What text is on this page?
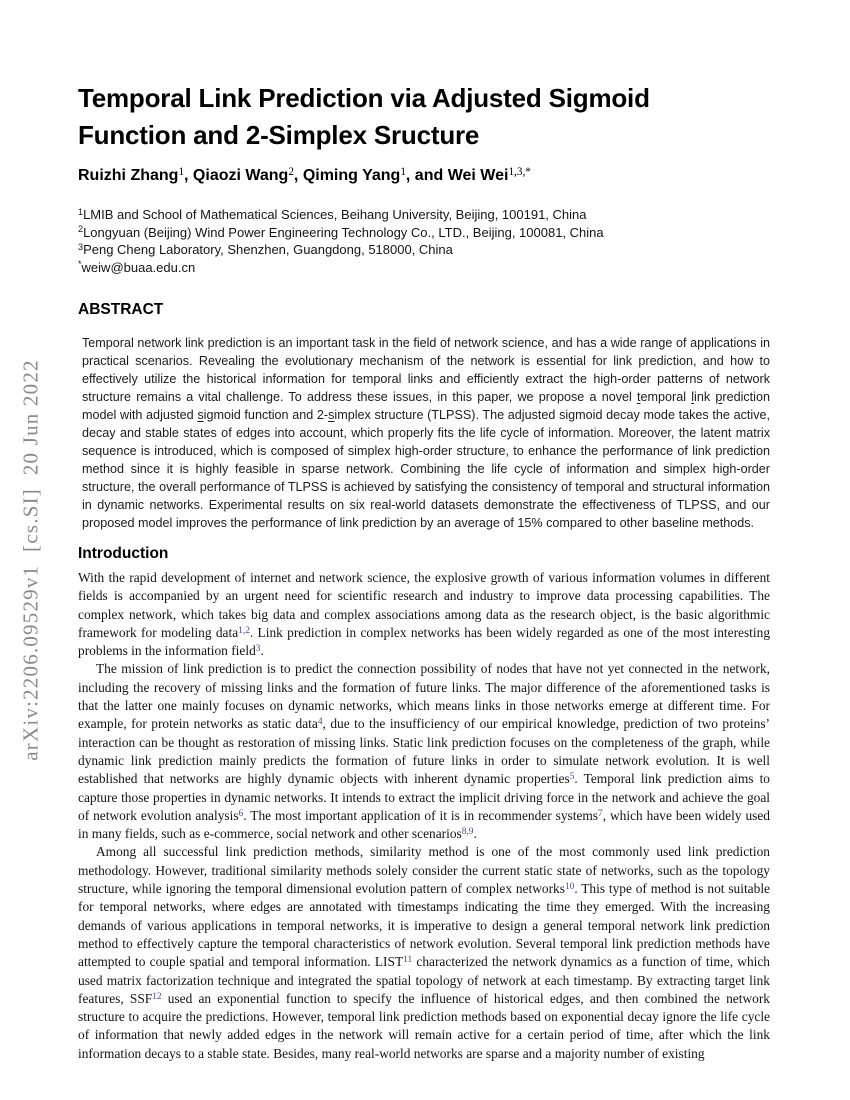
arXiv:2206.09529v1  [cs.SI]  20 Jun 2022
Temporal Link Prediction via Adjusted Sigmoid
Function and 2-Simplex Sructure
Ruizhi Zhang$^1$, Qiaozi Wang$^2$, Qiming Yang$^1$, and Wei Wei$^{1,3,*}$
$^1$LMIB and School of Mathematical Sciences, Beihang University, Beijing, 100191, China
$^2$Longyuan (Beijing) Wind Power Engineering Technology Co., LTD., Beijing, 100081, China
$^3$Peng Cheng Laboratory, Shenzhen, Guangdong, 518000, China
*weiw@buaa.edu.cn
ABSTRACT
Temporal network link prediction is an important task in the field of network science, and has a wide range of applications in practical scenarios. Revealing the evolutionary mechanism of the network is essential for link prediction, and how to effectively utilize the historical information for temporal links and efficiently extract the high-order patterns of network structure remains a vital challenge. To address these issues, in this paper, we propose a novel temporal link prediction model with adjusted sigmoid function and 2-simplex structure (TLPSS). The adjusted sigmoid decay mode takes the active, decay and stable states of edges into account, which properly fits the life cycle of information. Moreover, the latent matrix sequence is introduced, which is composed of simplex high-order structure, to enhance the performance of link prediction method since it is highly feasible in sparse network. Combining the life cycle of information and simplex high-order structure, the overall performance of TLPSS is achieved by satisfying the consistency of temporal and structural information in dynamic networks. Experimental results on six real-world datasets demonstrate the effectiveness of TLPSS, and our proposed model improves the performance of link prediction by an average of 15% compared to other baseline methods.
Introduction

With the rapid development of internet and network science, the explosive growth of various information volumes in different fields is accompanied by an urgent need for scientific research and industry to improve data processing capabilities. The complex network, which takes big data and complex associations among data as the research object, is the basic algorithmic framework for modeling data$^{1,2}$. Link prediction in complex networks has been widely regarded as one of the most interesting problems in the information field$^3$.

The mission of link prediction is to predict the connection possibility of nodes that have not yet connected in the network, including the recovery of missing links and the formation of future links. The major difference of the aforementioned tasks is that the latter one mainly focuses on dynamic networks, which means links in those networks emerge at different time. For example, for protein networks as static data$^4$, due to the insufficiency of our empirical knowledge, prediction of two proteins’ interaction can be thought as restoration of missing links. Static link prediction focuses on the completeness of the graph, while dynamic link prediction mainly predicts the formation of future links in order to simulate network evolution. It is well established that networks are highly dynamic objects with inherent dynamic properties$^5$. Temporal link prediction aims to capture those properties in dynamic networks. It intends to extract the implicit driving force in the network and achieve the goal of network evolution analysis$^6$. The most important application of it is in recommender systems$^7$, which have been widely used in many fields, such as e-commerce, social network and other scenarios$^{8,9}$.

Among all successful link prediction methods, similarity method is one of the most commonly used link prediction methodology. However, traditional similarity methods solely consider the current static state of networks, such as the topology structure, while ignoring the temporal dimensional evolution pattern of complex networks$^{10}$. This type of method is not suitable for temporal networks, where edges are annotated with timestamps indicating the time they emerged. With the increasing demands of various applications in temporal networks, it is imperative to design a general temporal network link prediction method to effectively capture the temporal characteristics of network evolution. Several temporal link prediction methods have attempted to couple spatial and temporal information. LIST$^{11}$ characterized the network dynamics as a function of time, which used matrix factorization technique and integrated the spatial topology of network at each timestamp. By extracting target link features, SSF$^{12}$ used an exponential function to specify the influence of historical edges, and then combined the network structure to acquire the predictions. However, temporal link prediction methods based on exponential decay ignore the life cycle of information that newly added edges in the network will remain active for a certain period of time, after which the link information decays to a stable state. Besides, many real-world networks are sparse and a majority number of existing
